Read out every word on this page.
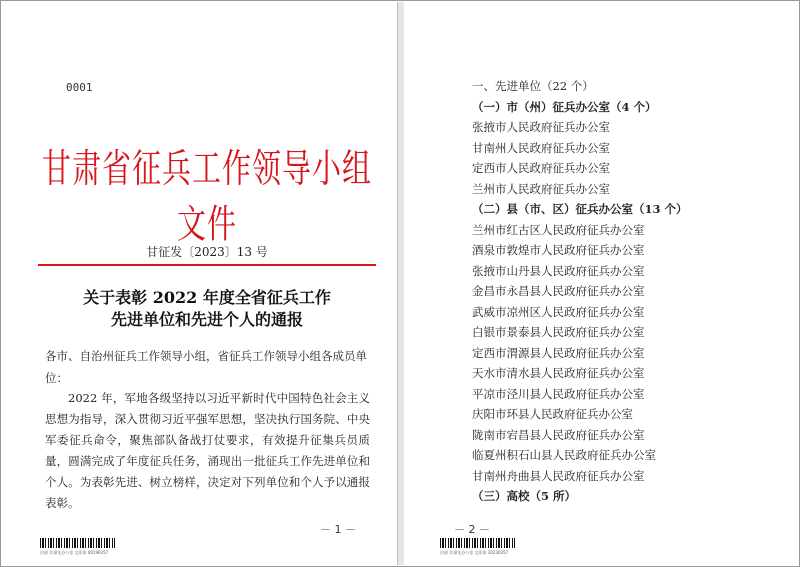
0001
甘肃省征兵工作领导小组文件
甘征发〔2023〕13 号
关于表彰 2022 年度全省征兵工作
先进单位和先进个人的通报
各市、自治州征兵工作领导小组，省征兵工作领导小组各成员单
位：

2022 年，军地各级坚持以习近平新时代中国特色社会主义思想为指导，深入贯彻习近平强军思想，坚决执行国务院、中央军委征兵命令，聚焦部队备战打仗要求，有效提升征集兵员质量，圆满完成了年度征兵任务，涌现出一批征兵工作先进单位和个人。为表彰先进、树立榜样，决定对下列单位和个人予以通报表彰。

－ 1 －
内部 甘肃先办公室 文印本 00190357
一、先进单位（22 个）
（一）市（州）征兵办公室（4 个）
张掖市人民政府征兵办公室
甘南州人民政府征兵办公室
定西市人民政府征兵办公室
兰州市人民政府征兵办公室
（二）县（市、区）征兵办公室（13 个）
兰州市红古区人民政府征兵办公室
酒泉市敦煌市人民政府征兵办公室
张掖市山丹县人民政府征兵办公室
金昌市永昌县人民政府征兵办公室
武威市凉州区人民政府征兵办公室
白银市景泰县人民政府征兵办公室
定西市渭源县人民政府征兵办公室
天水市清水县人民政府征兵办公室
平凉市泾川县人民政府征兵办公室
庆阳市环县人民政府征兵办公室
陇南市宕昌县人民政府征兵办公室
临夏州积石山县人民政府征兵办公室
甘南州舟曲县人民政府征兵办公室
（三）高校（5 所）
－ 2 －
内部 甘肃先办公室 文印本 20230357
